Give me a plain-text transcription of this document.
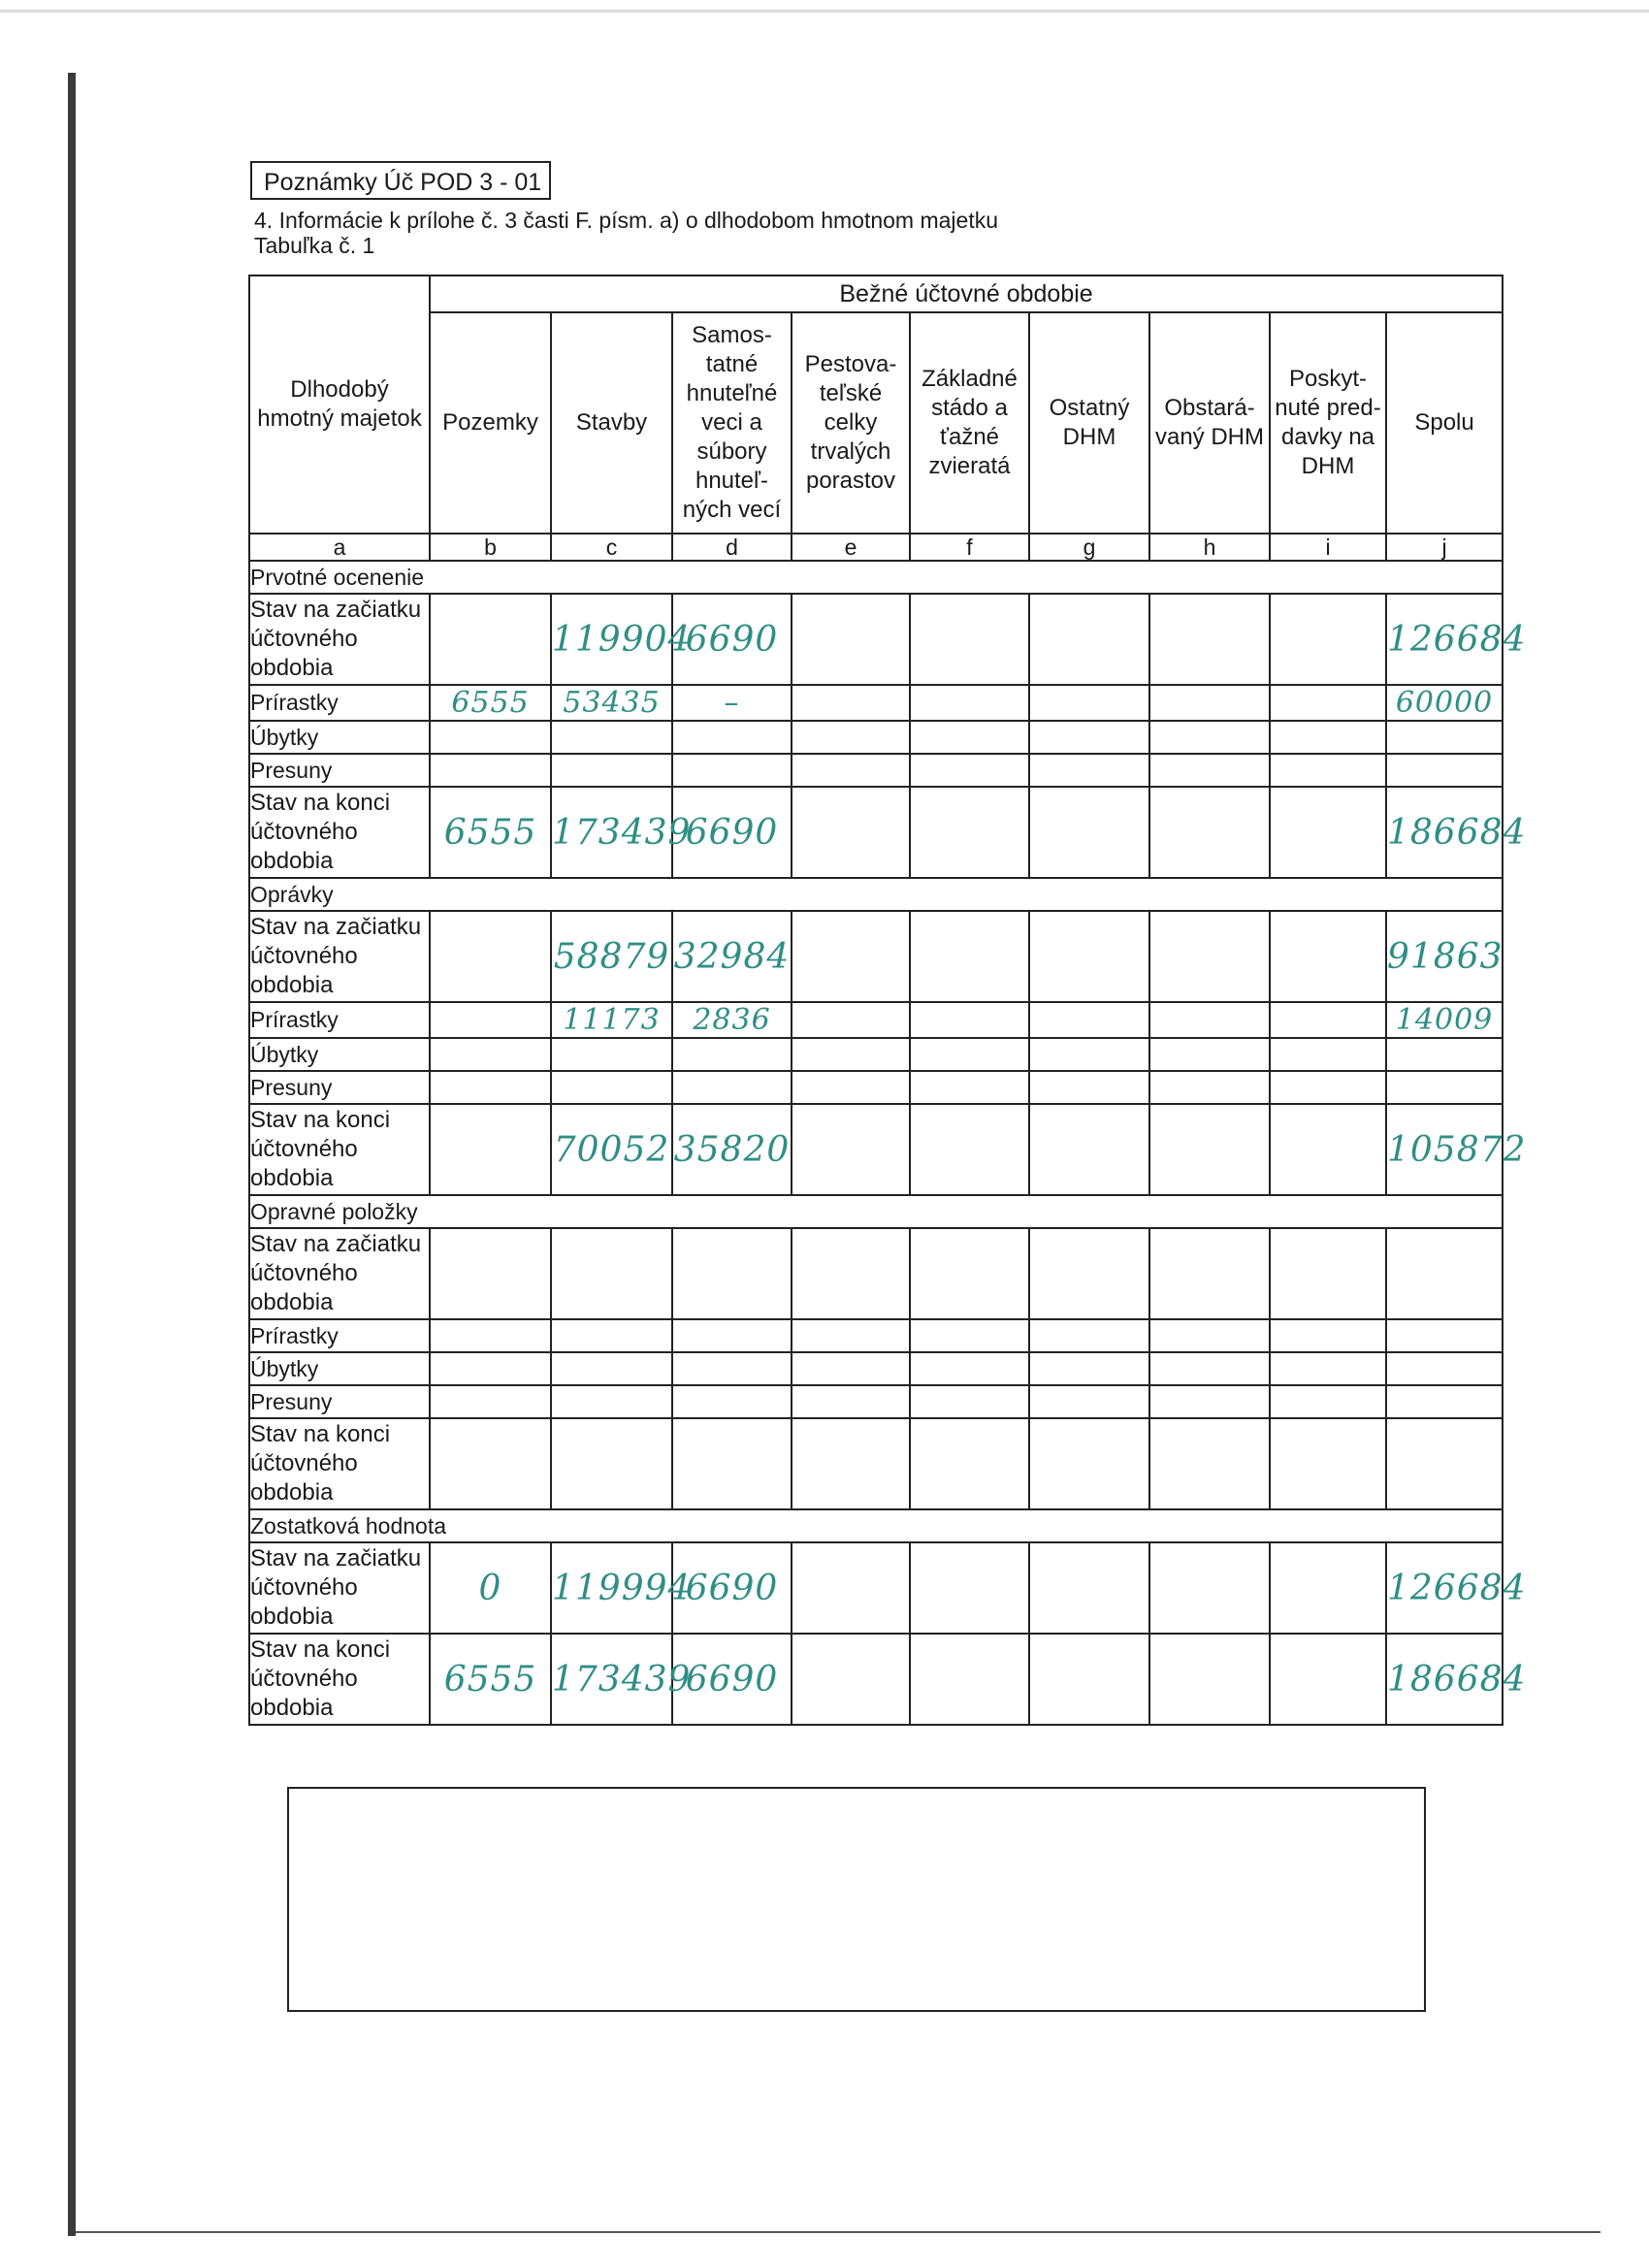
Poznámky Úč POD 3 - 01
4. Informácie k prílohe č. 3 časti F. písm. a) o dlhodobom hmotnom majetku
Tabuľka č. 1
Dlhodobý hmotný majetok	Bežné účtovné obdobie								
	Pozemky	Stavby	Samos- tatné hnuteľné veci a súbory hnuteľ- ných vecí	Pestova- teľské celky trvalých porastov	Základné stádo a ťažné zvieratá	Ostatný DHM	Obstará- vaný DHM	Poskyt- nuté pred- davky na DHM	Spolu
a	b	c	d	e	f	g	h	i	j
Prvotné ocenenie									
Stav na začiatku účtovného obdobia		119904	6690						126684
Prírastky	6555	53435	–						60000
Úbytky									
Presuny									
Stav na konci účtovného obdobia	6555	173439	6690						186684
Oprávky									
Stav na začiatku účtovného obdobia		58879	32984						91863
Prírastky		11173	2836						14009
Úbytky									
Presuny									
Stav na konci účtovného obdobia		70052	35820						105872
Opravné položky									
Stav na začiatku účtovného obdobia									
Prírastky									
Úbytky									
Presuny									
Stav na konci účtovného obdobia									
Zostatková hodnota									
Stav na začiatku účtovného obdobia	0	119994	6690						126684
Stav na konci účtovného obdobia	6555	173439	6690						186684
